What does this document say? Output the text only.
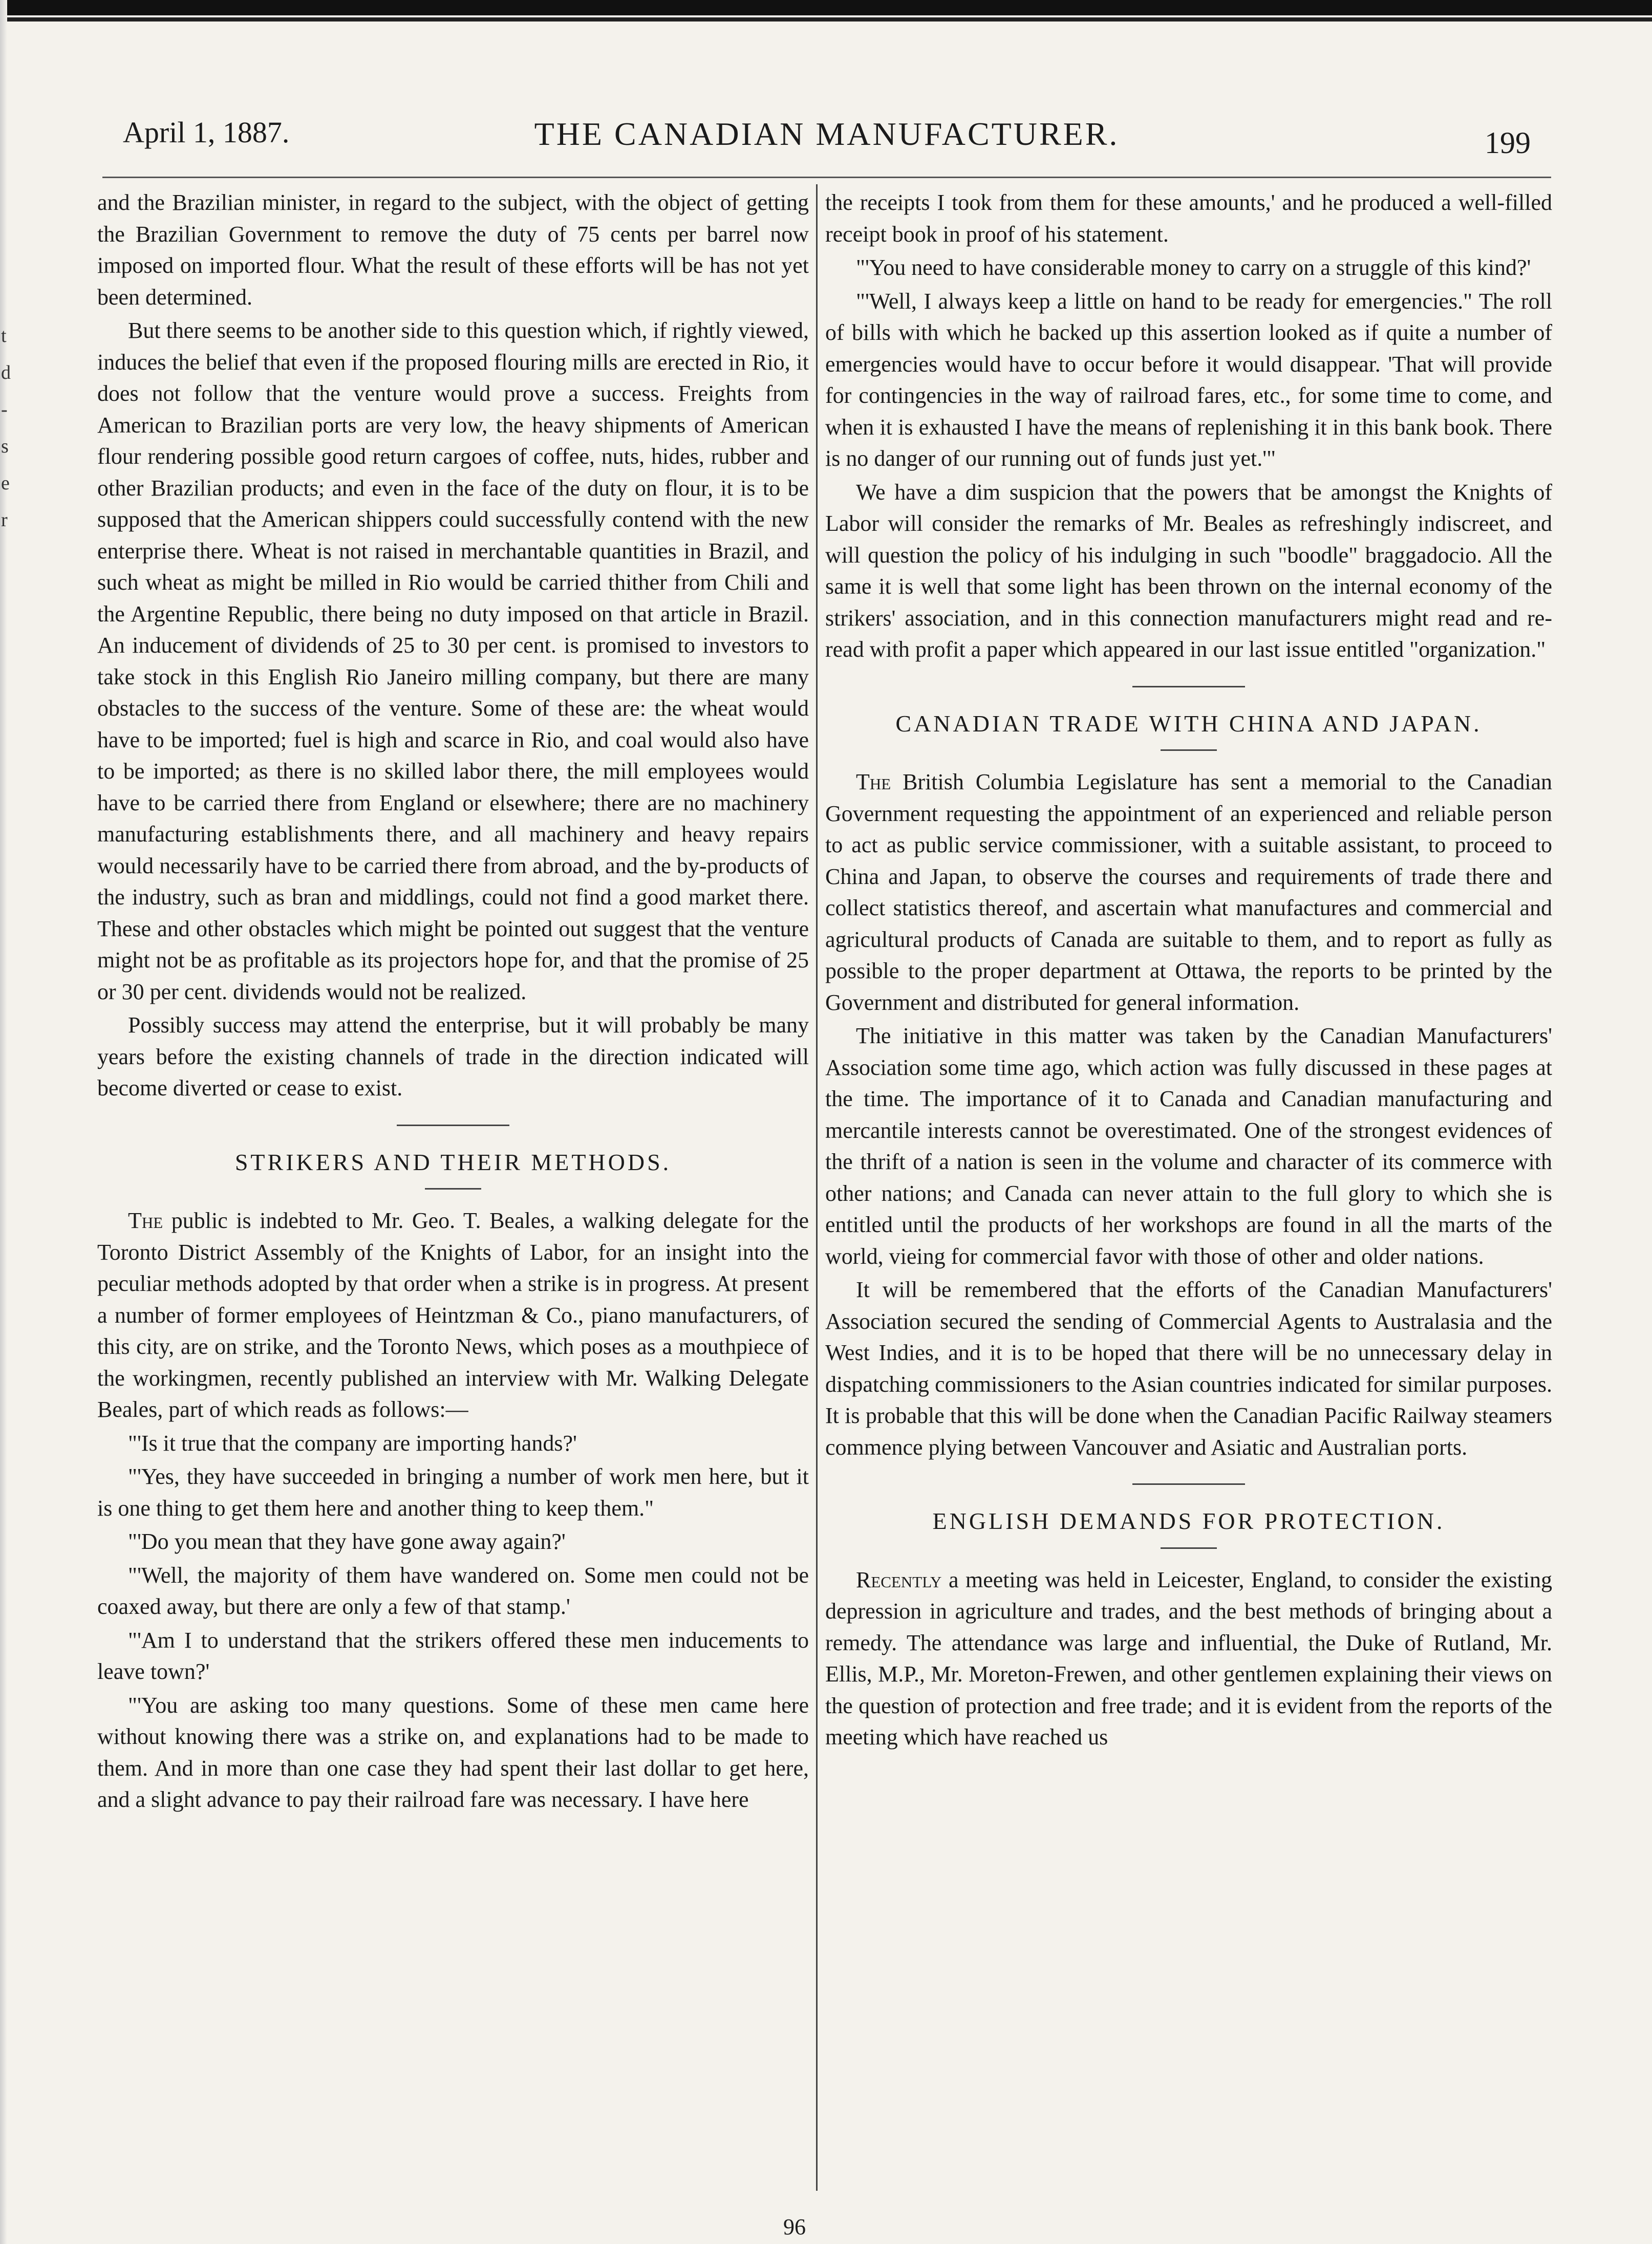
t
d
-
s
e
r
April 1, 1887.	THE CANADIAN MANUFACTURER.	199

and the Brazilian minister, in regard to the subject, with the object of getting the Brazilian Government to remove the duty of 75 cents per barrel now imposed on imported flour. What the result of these efforts will be has not yet been determined.

But there seems to be another side to this question which, if rightly viewed, induces the belief that even if the proposed flouring mills are erected in Rio, it does not follow that the venture would prove a success. Freights from American to Brazilian ports are very low, the heavy shipments of American flour rendering possible good return cargoes of coffee, nuts, hides, rubber and other Brazilian products; and even in the face of the duty on flour, it is to be supposed that the American shippers could successfully contend with the new enterprise there. Wheat is not raised in merchantable quantities in Brazil, and such wheat as might be milled in Rio would be carried thither from Chili and the Argentine Republic, there being no duty imposed on that article in Brazil. An inducement of dividends of 25 to 30 per cent. is promised to investors to take stock in this English Rio Janeiro milling company, but there are many obstacles to the success of the venture. Some of these are: the wheat would have to be imported; fuel is high and scarce in Rio, and coal would also have to be imported; as there is no skilled labor there, the mill employees would have to be carried there from England or elsewhere; there are no machinery manufacturing establishments there, and all machinery and heavy repairs would necessarily have to be carried there from abroad, and the by-products of the industry, such as bran and middlings, could not find a good market there. These and other obstacles which might be pointed out suggest that the venture might not be as profitable as its projectors hope for, and that the promise of 25 or 30 per cent. dividends would not be realized.

Possibly success may attend the enterprise, but it will probably be many years before the existing channels of trade in the direction indicated will become diverted or cease to exist.

STRIKERS AND THEIR METHODS.

The public is indebted to Mr. Geo. T. Beales, a walking delegate for the Toronto District Assembly of the Knights of Labor, for an insight into the peculiar methods adopted by that order when a strike is in progress. At present a number of former employees of Heintzman & Co., piano manufacturers, of this city, are on strike, and the Toronto News, which poses as a mouthpiece of the workingmen, recently published an interview with Mr. Walking Delegate Beales, part of which reads as follows:—

"'Is it true that the company are importing hands?'

"'Yes, they have succeeded in bringing a number of work men here, but it is one thing to get them here and another thing to keep them."

"'Do you mean that they have gone away again?'

"'Well, the majority of them have wandered on. Some men could not be coaxed away, but there are only a few of that stamp.'

"'Am I to understand that the strikers offered these men inducements to leave town?'

"'You are asking too many questions. Some of these men came here without knowing there was a strike on, and explanations had to be made to them. And in more than one case they had spent their last dollar to get here, and a slight advance to pay their railroad fare was necessary. I have here

the receipts I took from them for these amounts,' and he produced a well-filled receipt book in proof of his statement.

"'You need to have considerable money to carry on a struggle of this kind?'

"'Well, I always keep a little on hand to be ready for emergencies." The roll of bills with which he backed up this assertion looked as if quite a number of emergencies would have to occur before it would disappear. 'That will provide for contingencies in the way of railroad fares, etc., for some time to come, and when it is exhausted I have the means of replenishing it in this bank book. There is no danger of our running out of funds just yet.'"

We have a dim suspicion that the powers that be amongst the Knights of Labor will consider the remarks of Mr. Beales as refreshingly indiscreet, and will question the policy of his indulging in such "boodle" braggadocio. All the same it is well that some light has been thrown on the internal economy of the strikers' association, and in this connection manufacturers might read and re-read with profit a paper which appeared in our last issue entitled "organization."

CANADIAN TRADE WITH CHINA AND JAPAN.

The British Columbia Legislature has sent a memorial to the Canadian Government requesting the appointment of an experienced and reliable person to act as public service commissioner, with a suitable assistant, to proceed to China and Japan, to observe the courses and requirements of trade there and collect statistics thereof, and ascertain what manufactures and commercial and agricultural products of Canada are suitable to them, and to report as fully as possible to the proper department at Ottawa, the reports to be printed by the Government and distributed for general information.

The initiative in this matter was taken by the Canadian Manufacturers' Association some time ago, which action was fully discussed in these pages at the time. The importance of it to Canada and Canadian manufacturing and mercantile interests cannot be overestimated. One of the strongest evidences of the thrift of a nation is seen in the volume and character of its commerce with other nations; and Canada can never attain to the full glory to which she is entitled until the products of her workshops are found in all the marts of the world, vieing for commercial favor with those of other and older nations.

It will be remembered that the efforts of the Canadian Manufacturers' Association secured the sending of Commercial Agents to Australasia and the West Indies, and it is to be hoped that there will be no unnecessary delay in dispatching commissioners to the Asian countries indicated for similar purposes. It is probable that this will be done when the Canadian Pacific Railway steamers commence plying between Vancouver and Asiatic and Australian ports.

ENGLISH DEMANDS FOR PROTECTION.

Recently a meeting was held in Leicester, England, to consider the existing depression in agriculture and trades, and the best methods of bringing about a remedy. The attendance was large and influential, the Duke of Rutland, Mr. Ellis, M.P., Mr. Moreton-Frewen, and other gentlemen explaining their views on the question of protection and free trade; and it is evident from the reports of the meeting which have reached us

96
